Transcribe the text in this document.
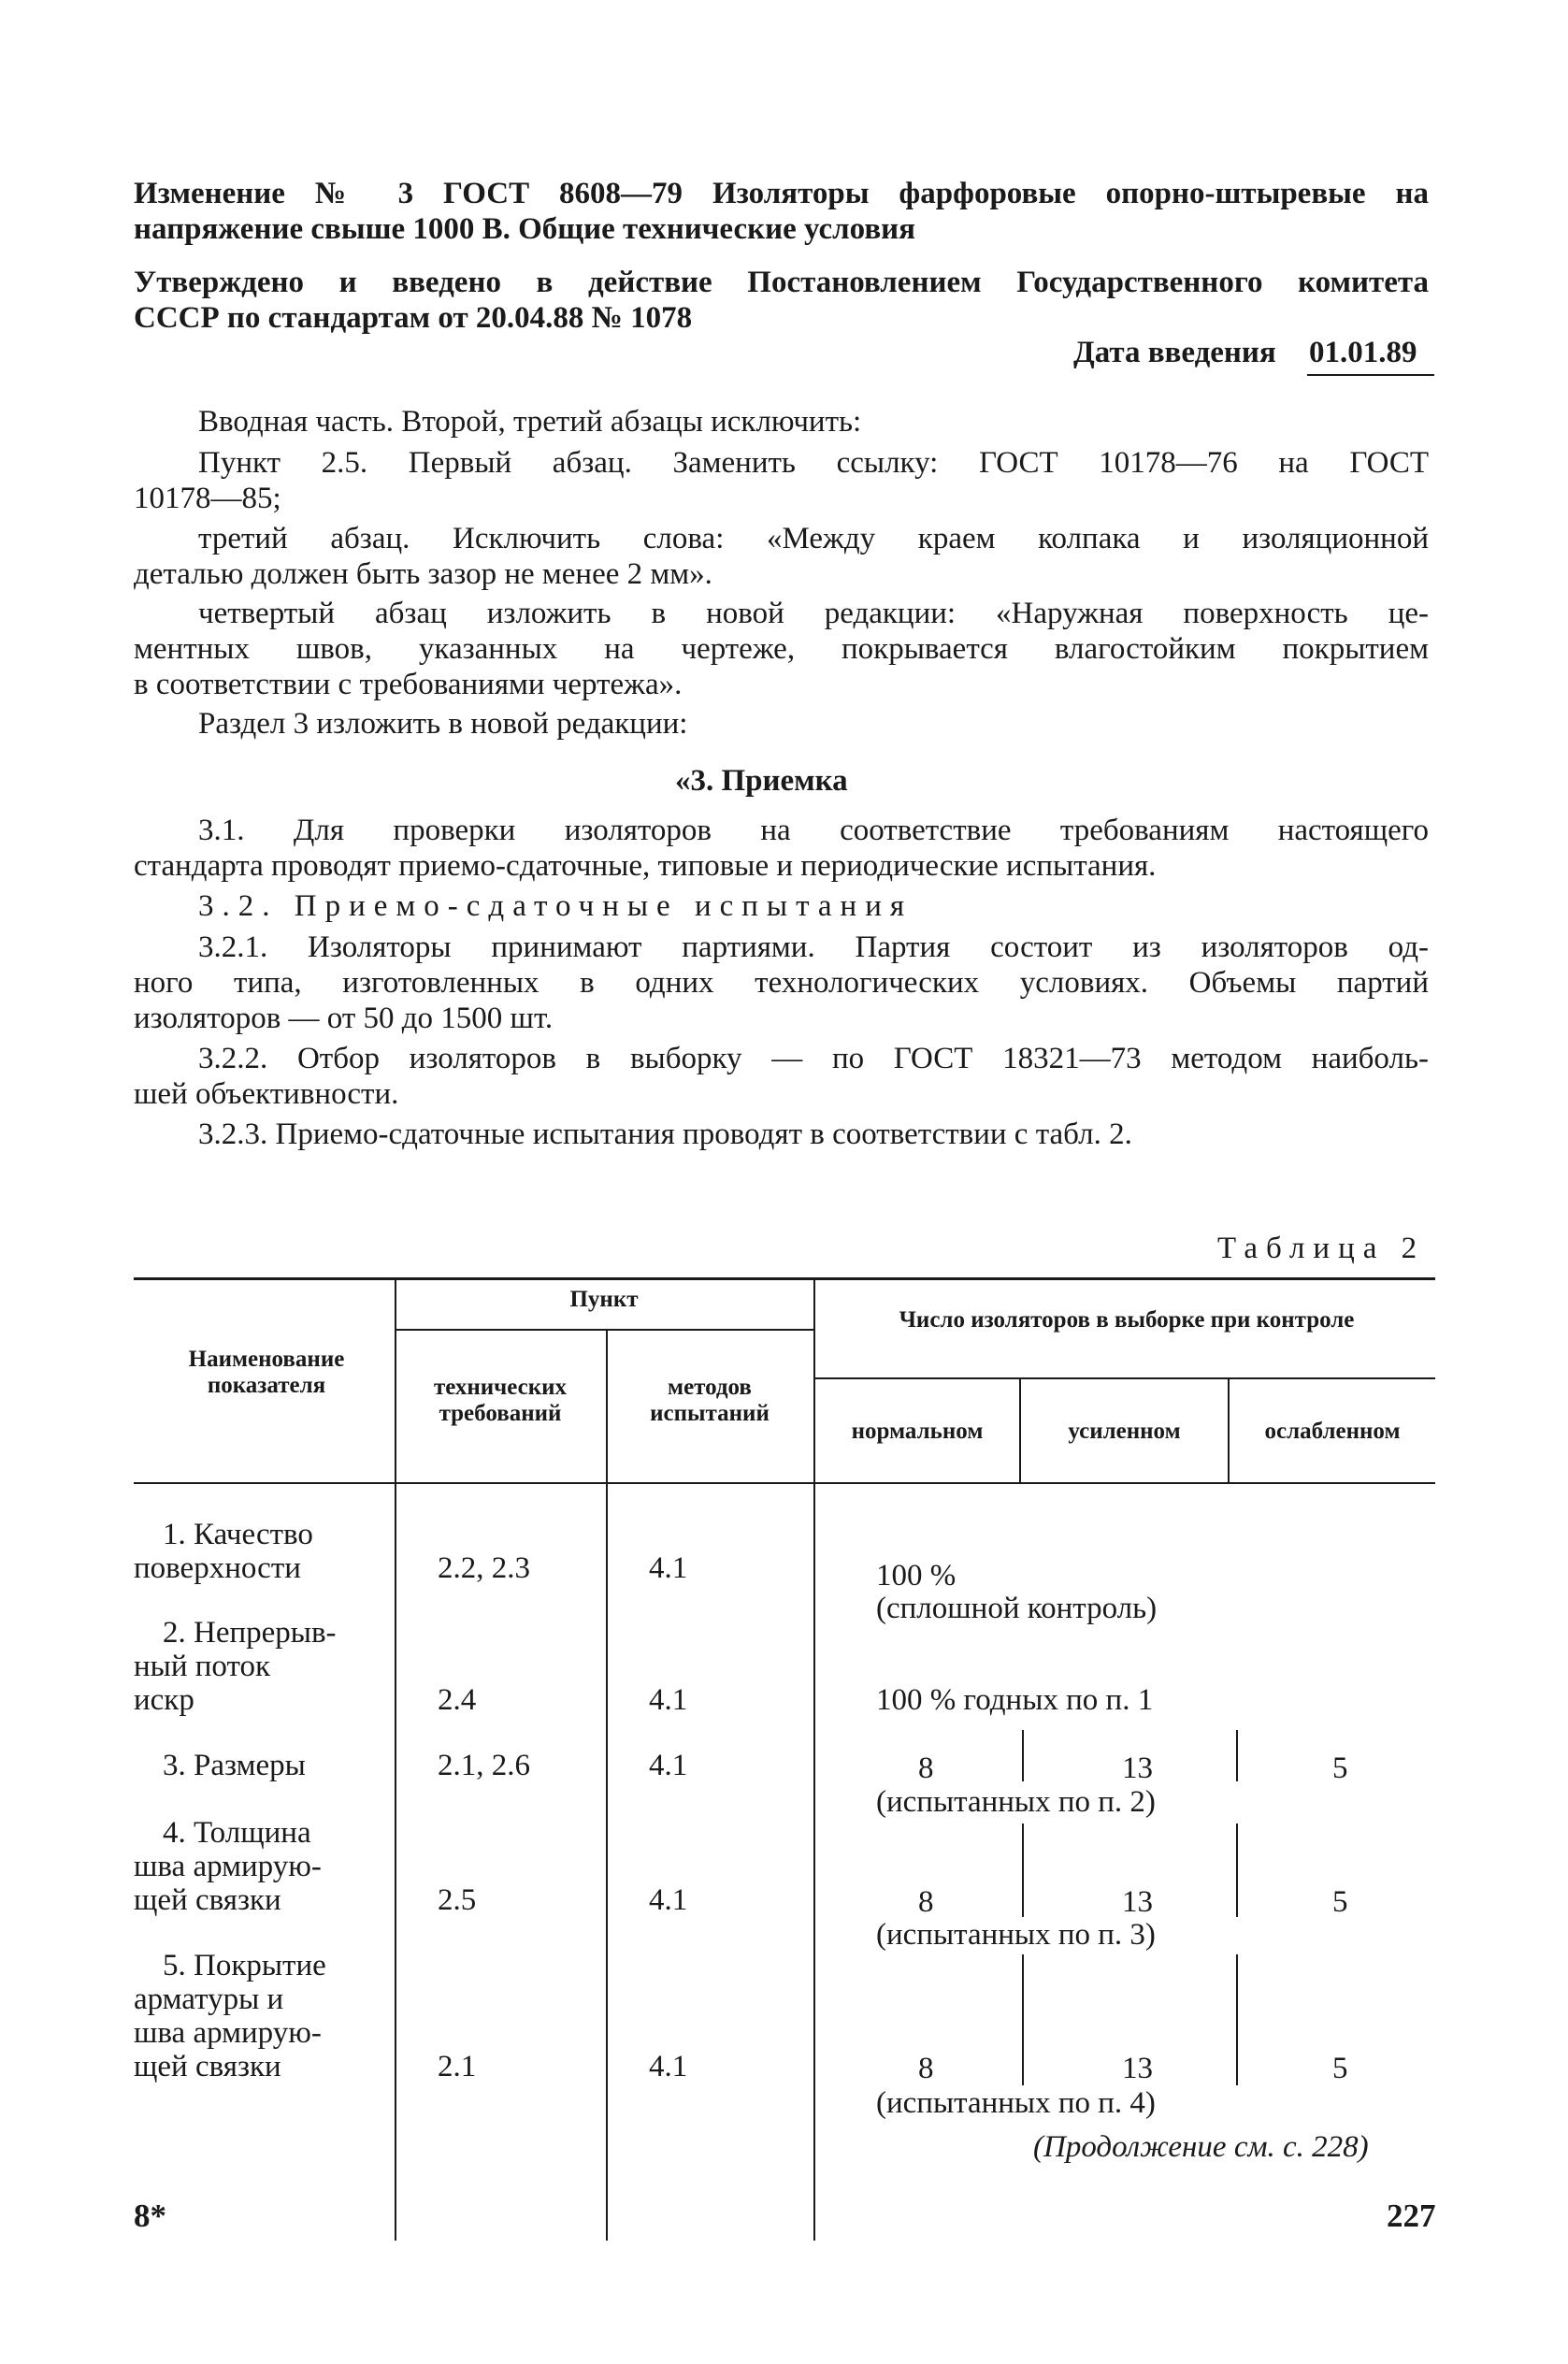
Изменение № 3 ГОСТ 8608—79 Изоляторы фарфоровые опорно-штыревые на
напряжение свыше 1000 В. Общие технические условия
Утверждено и введено в действие Постановлением Государственного комитета
СССР по стандартам от 20.04.88 № 1078
Дата введения 01.01.89
Вводная часть. Второй, третий абзацы исключить:
Пункт 2.5. Первый абзац. Заменить ссылку: ГОСТ 10178—76 на ГОСТ
10178—85;
третий абзац. Исключить слова: «Между краем колпака и изоляционной
деталью должен быть зазор не менее 2 мм».
четвертый абзац изложить в новой редакции: «Наружная поверхность це-
ментных швов, указанных на чертеже, покрывается влагостойким покрытием
в соответствии с требованиями чертежа».
Раздел 3 изложить в новой редакции:
«3. Приемка
3.1. Для проверки изоляторов на соответствие требованиям настоящего
стандарта проводят приемо-сдаточные, типовые и периодические испытания.
3.2. Приемо-сдаточные испытания
3.2.1. Изоляторы принимают партиями. Партия состоит из изоляторов од-
ного типа, изготовленных в одних технологических условиях. Объемы партий
изоляторов — от 50 до 1500 шт.
3.2.2. Отбор изоляторов в выборку — по ГОСТ 18321—73 методом наиболь-
шей объективности.
3.2.3. Приемо-сдаточные испытания проводят в соответствии с табл. 2.
Таблица 2
Наименование показателя
Пункт
технических требований
методов испытаний
Число изоляторов в выборке при контроле
нормальном	усиленном	ослабленном
1. Качество
поверхности	2.2, 2.3	4.1	100 %
(сплошной контроль)
2. Непрерыв-
ный поток
искр	2.4	4.1	100 % годных по п. 1
3. Размеры	2.1, 2.6	4.1	8	13	5
(испытанных по п. 2)
4. Толщина
шва армирую-
щей связки	2.5	4.1	8	13	5
(испытанных по п. 3)
5. Покрытие
арматуры и
шва армирую-
щей связки	2.1	4.1	8	13	5
(испытанных по п. 4)
(Продолжение см. с. 228)
8*	227
